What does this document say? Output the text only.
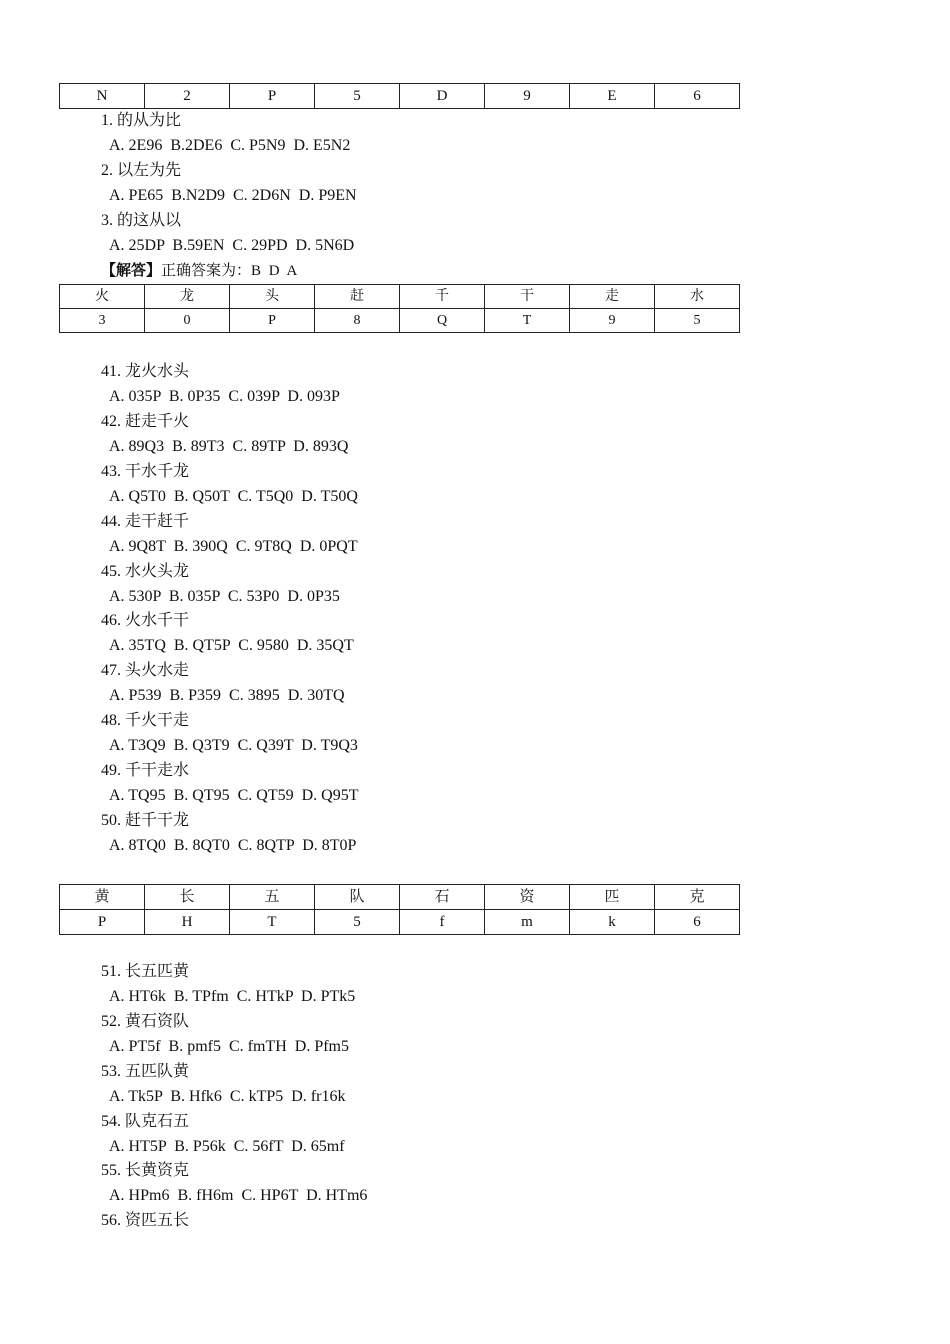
N	2	P	5	D	9	E	6
1. 的从为比
A. 2E96  B.2DE6  C. P5N9  D. E5N2
2. 以左为先
A. PE65  B.N2D9  C. 2D6N  D. P9EN
3. 的这从以
A. 25DP  B.59EN  C. 29PD  D. 5N6D
【解答】正确答案为：B D A
火	龙	头	赶	千	干	走	水
3	0	P	8	Q	T	9	5
41. 龙火水头
A. 035P  B. 0P35  C. 039P  D. 093P
42. 赶走千火
A. 89Q3  B. 89T3  C. 89TP  D. 893Q
43. 干水千龙
A. Q5T0  B. Q50T  C. T5Q0  D. T50Q
44. 走干赶千
A. 9Q8T  B. 390Q  C. 9T8Q  D. 0PQT
45. 水火头龙
A. 530P  B. 035P  C. 53P0  D. 0P35
46. 火水千干
A. 35TQ  B. QT5P  C. 9580  D. 35QT
47. 头火水走
A. P539  B. P359  C. 3895  D. 30TQ
48. 千火干走
A. T3Q9  B. Q3T9  C. Q39T  D. T9Q3
49. 千干走水
A. TQ95  B. QT95  C. QT59  D. Q95T
50. 赶千干龙
A. 8TQ0  B. 8QT0  C. 8QTP  D. 8T0P
黄	长	五	队	石	资	匹	克
P	H	T	5	f	m	k	6
51. 长五匹黄
A. HT6k  B. TPfm  C. HTkP  D. PTk5
52. 黄石资队
A. PT5f  B. pmf5  C. fmTH  D. Pfm5
53. 五匹队黄
A. Tk5P  B. Hfk6  C. kTP5  D. fr16k
54. 队克石五
A. HT5P  B. P56k  C. 56fT  D. 65mf
55. 长黄资克
A. HPm6  B. fH6m  C. HP6T  D. HTm6
56. 资匹五长
